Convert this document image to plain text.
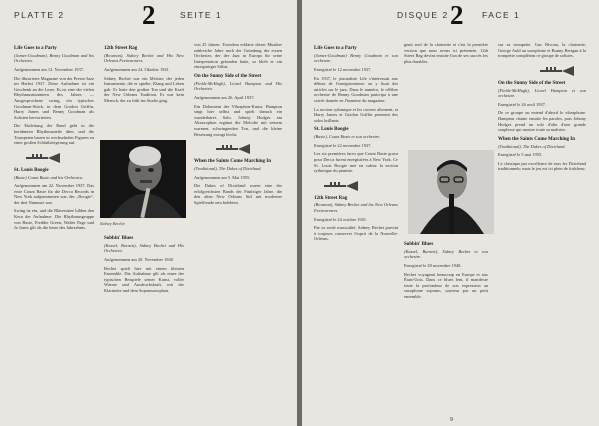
PLATTE 2	2	SEITE 1
Life Goes to a Party

(James-Goodman), Benny Goodman and his Orchestra.

Aufgenommen am 12. November 1937.

Die illustrierte Magazine von der Presse-Jazz im Herbst 1937. Diese Aufnahme ist ein Geschenk an die Leser. Es ist eine der vielen Rhythmusnummern des Jahres — Ausgesprochene swing, ein typisches Goodman-Stück, in dem Gordon Griffin, Harry James und Benny Goodman als Solisten hervortreten.

Die Einleitung der Band geht in die berühmten Rhythmusteile über, und die Trompeten bauen in wechselnden Figuren zu einer großen Schlußsteigerung auf.

St. Louis Boogie

(Basie) Count Basie and his Orchestra.

Aufgenommen am 22. November 1937. Das erste Count Basie für die Decca Records in New York aufgenommen war, der „Boogie“, der drei Nummer war.

Swing ist ein, und die Bläsersätze bilden den Kern der Aufnahme. Die Rhythmusgruppe von Basie, Freddie Green, Walter Page und Jo Jones gilt als die beste des Jahrzehnts.

Sidney Bechet
12th Street Rag

(Bowman), Sidney Bechet and His New Orleans Feetwarmers.

Aufgenommen am 24. Oktober 1941.

Sidney Bechet war ein Meister, der jeden Instrumente, die er spielte, Klang und Leben gab. Er hatte den großen Ton und die Kraft der New Orleans Tradition. Er war kein Mensch, der zu früh ins Studio ging.

Sobbin' Blues

(Kassel, Burnett), Sidney Bechet and His Orchestra.

Aufgenommen am 20. November 1940.

Bechet spielt hier mit einem kleinen Ensemble. Die Aufnahme gilt als eines der typischen Beispiele seiner Kunst, voller Wärme und Ausdruckskraft, mit der Klarinette und dem Sopransaxophon.

von 25 Jahren. Trotzdem erklärte dieser Musiker zahlreiche Jahre nach der Gründung der ersten Orchester, der der Jazz in Europa für seine Interpretation gefunden hatte, so blieb er ein einzigartiger Stilist.

On the Sunny Side of the Street

(Fields-McHugh), Lionel Hampton and His Orchestra.

Aufgenommen am 26. April 1937.

Ein Dokument der Vibraphon-Kunst. Hampton singt hier selbst und spielt danach ein wunderbares Solo. Johnny Hodges am Altsaxophon ergänzt die Melodie mit seinem warmen, schwingenden Ton, und die kleine Besetzung swingt leicht.

When the Saints Come Marching In

(Traditional), The Dukes of Dixieland.

Aufgenommen am 5. Mai 1955.

Die Dukes of Dixieland waren eine der erfolgreichsten Bands der Fünfziger Jahre, die den alten New Orleans Stil mit moderner Spielfreude neu belebten.

DISQUE 2 2 FACE 1
Life Goes to a Party

(James-Goodman) Benny Goodman et son orchestre.

Enregistré le 12 novembre 1937.

En 1937, le journaliste Life s'intéressait aux débuts de l'enregistrement: on y lisait des articles sur le jazz. Dans le numéro, le célèbre orchestre de Benny Goodman participa à une soirée donnée en l'honneur du magazine.

La section rythmique et les cuivres alternent, et Harry James et Gordon Griffin prennent des solos brillants.

St. Louis Boogie

(Basie), Count Basie et son orchestre.

Enregistré le 22 novembre 1937.

Les six premières faces que Count Basie grava pour Decca furent enregistrées à New York. Ce St. Louis Boogie met en valeur la section rythmique du pianiste.

12th Street Rag

(Bowman), Sidney Bechet and his New Orleans Feetwarmers.

Enregistré le 24 octobre 1941.

Par sa seule musicalité, Sidney Bechet parvint à toujours conserver l'esprit de la Nouvelle-Orléans.

gnait seul de la clarinette et c'est la première version que nous avons ici présentée. 12th Street Rag devint ensuite l'un de ses succès les plus durables.

Sobbin' Blues

(Kassel, Burnett), Sidney Bechet et son orchestre.

Enregistré le 20 novembre 1940.

Bechet voyageait beaucoup en Europe et aux États-Unis. Dans ce blues lent, il manifeste toute la profondeur de son expression au saxophone soprano, soutenu par un petit ensemble.

sur sa trompette. Gus Bivona, la clarinette, George Auld au saxophone et Bunny Berigan à la trompette complètent ce groupe de solistes.

On the Sunny Side of the Street

(Fields-McHugh), Lionel Hampton et son orchestre.

Enregistré le 26 avril 1937.

De ce groupe on entend d'abord le vibraphone. Hampton chante ensuite les paroles, puis Johnny Hodges prend un solo d'alto d'une grande souplesse qui montre toute sa maîtrise.

When the Saints Come Marching In

(Traditional), The Dukes of Dixieland.

Enregistré le 5 mai 1955.

Le classique par excellence de tous les Dixieland traditionnels; mais le jeu est ici plein de fraîcheur.

9
